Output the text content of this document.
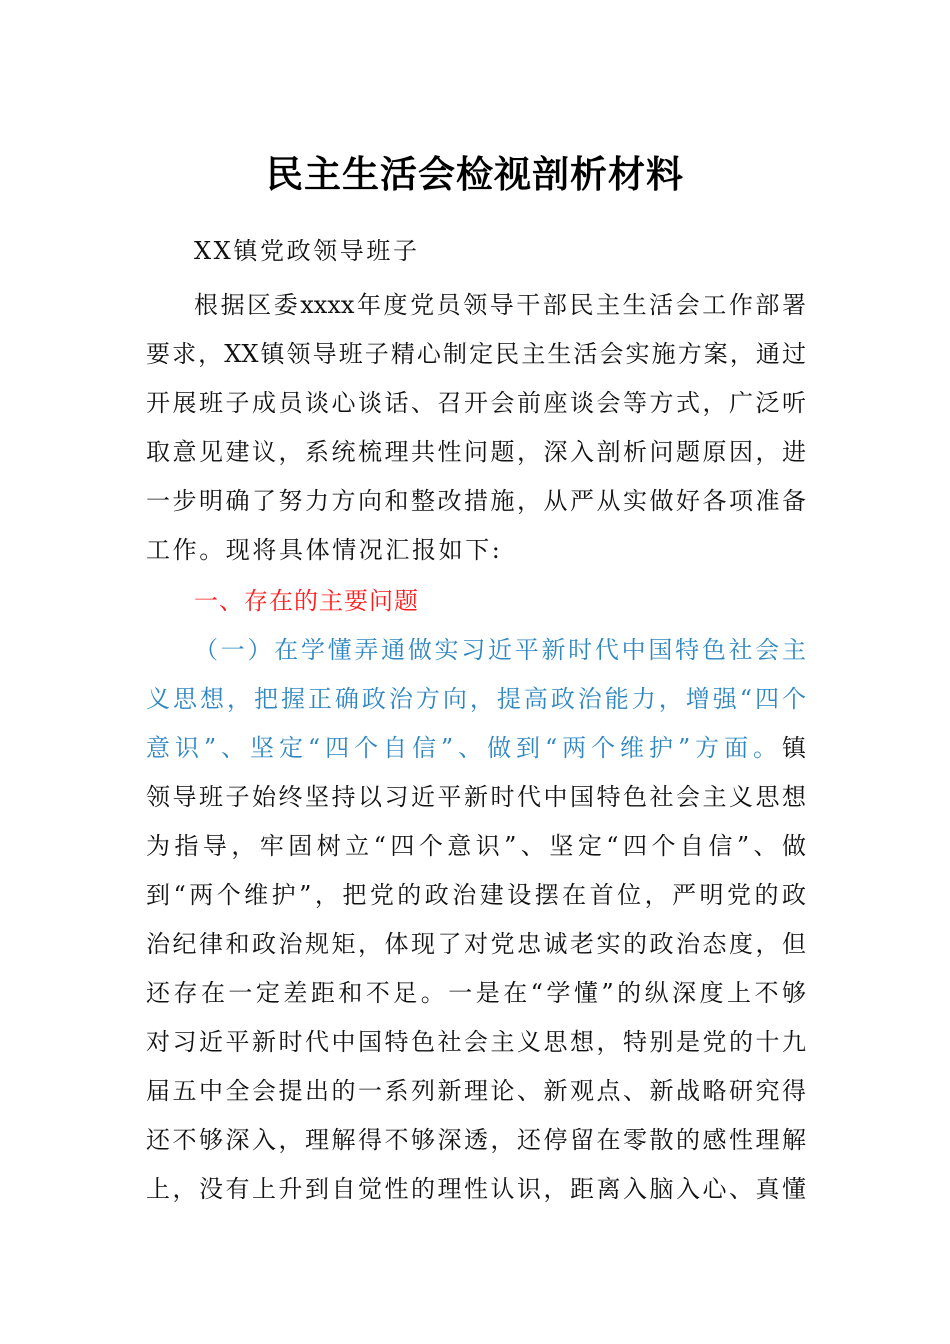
民主生活会检视剖析材料
XX镇党政领导班子
根据区委xxxx年度党员领导干部民主生活会工作部署
要求，XX镇领导班子精心制定民主生活会实施方案，通过
开展班子成员谈心谈话、召开会前座谈会等方式，广泛听
取意见建议，系统梳理共性问题，深入剖析问题原因，进
一步明确了努力方向和整改措施，从严从实做好各项准备
工作。现将具体情况汇报如下:
一、存在的主要问题
（一）在学懂弄通做实习近平新时代中国特色社会主
义思想，把握正确政治方向，提高政治能力，增强“四个
意识”、坚定“四个自信”、做到“两个维护”方面。镇
领导班子始终坚持以习近平新时代中国特色社会主义思想
为指导，牢固树立“四个意识”、坚定“四个自信”、做
到“两个维护”，把党的政治建设摆在首位，严明党的政
治纪律和政治规矩，体现了对党忠诚老实的政治态度，但
还存在一定差距和不足。一是在“学懂”的纵深度上不够
对习近平新时代中国特色社会主义思想，特别是党的十九
届五中全会提出的一系列新理论、新观点、新战略研究得
还不够深入，理解得不够深透，还停留在零散的感性理解
上，没有上升到自觉性的理性认识，距离入脑入心、真懂
